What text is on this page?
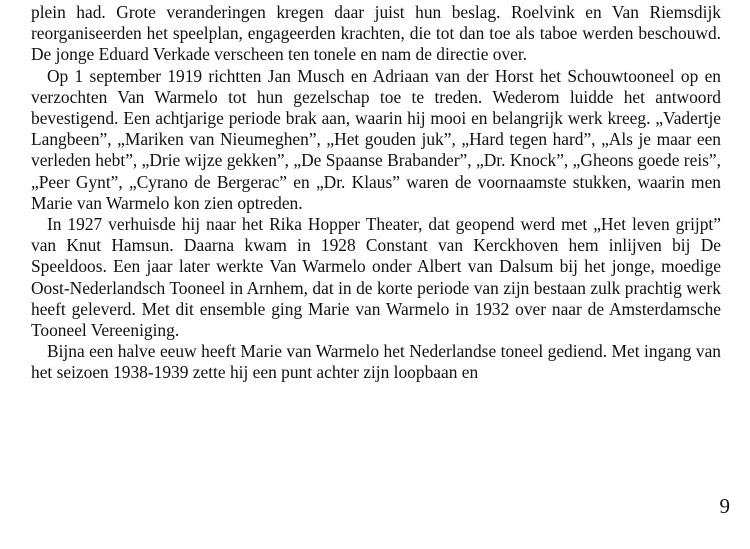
plein had. Grote veranderingen kregen daar juist hun beslag. Roelvink en Van Riemsdijk reorganiseerden het speelplan, engageerden krachten, die tot dan toe als taboe werden beschouwd. De jonge Eduard Verkade verscheen ten tonele en nam de directie over.

Op 1 september 1919 richtten Jan Musch en Adriaan van der Horst het Schouwtooneel op en verzochten Van Warmelo tot hun gezelschap toe te treden. Wederom luidde het antwoord bevestigend. Een achtjarige periode brak aan, waarin hij mooi en belangrijk werk kreeg. „Vadertje Langbeen”, „Mariken van Nieumeghen”, „Het gouden juk”, „Hard tegen hard”, „Als je maar een verleden hebt”, „Drie wijze gekken”, „De Spaanse Brabander”, „Dr. Knock”, „Gheons goede reis”, „Peer Gynt”, „Cyrano de Bergerac” en „Dr. Klaus” waren de voornaamste stukken, waarin men Marie van Warmelo kon zien optreden.

In 1927 verhuisde hij naar het Rika Hopper Theater, dat geopend werd met „Het leven grijpt” van Knut Hamsun. Daarna kwam in 1928 Constant van Kerckhoven hem inlijven bij De Speeldoos. Een jaar later werkte Van Warmelo onder Albert van Dalsum bij het jonge, moedige Oost-Nederlandsch Tooneel in Arnhem, dat in de korte periode van zijn bestaan zulk prachtig werk heeft geleverd. Met dit ensemble ging Marie van Warmelo in 1932 over naar de Amsterdamsche Tooneel Vereeniging.

Bijna een halve eeuw heeft Marie van Warmelo het Nederlandse toneel gediend. Met ingang van het seizoen 1938-1939 zette hij een punt achter zijn loopbaan en

9
